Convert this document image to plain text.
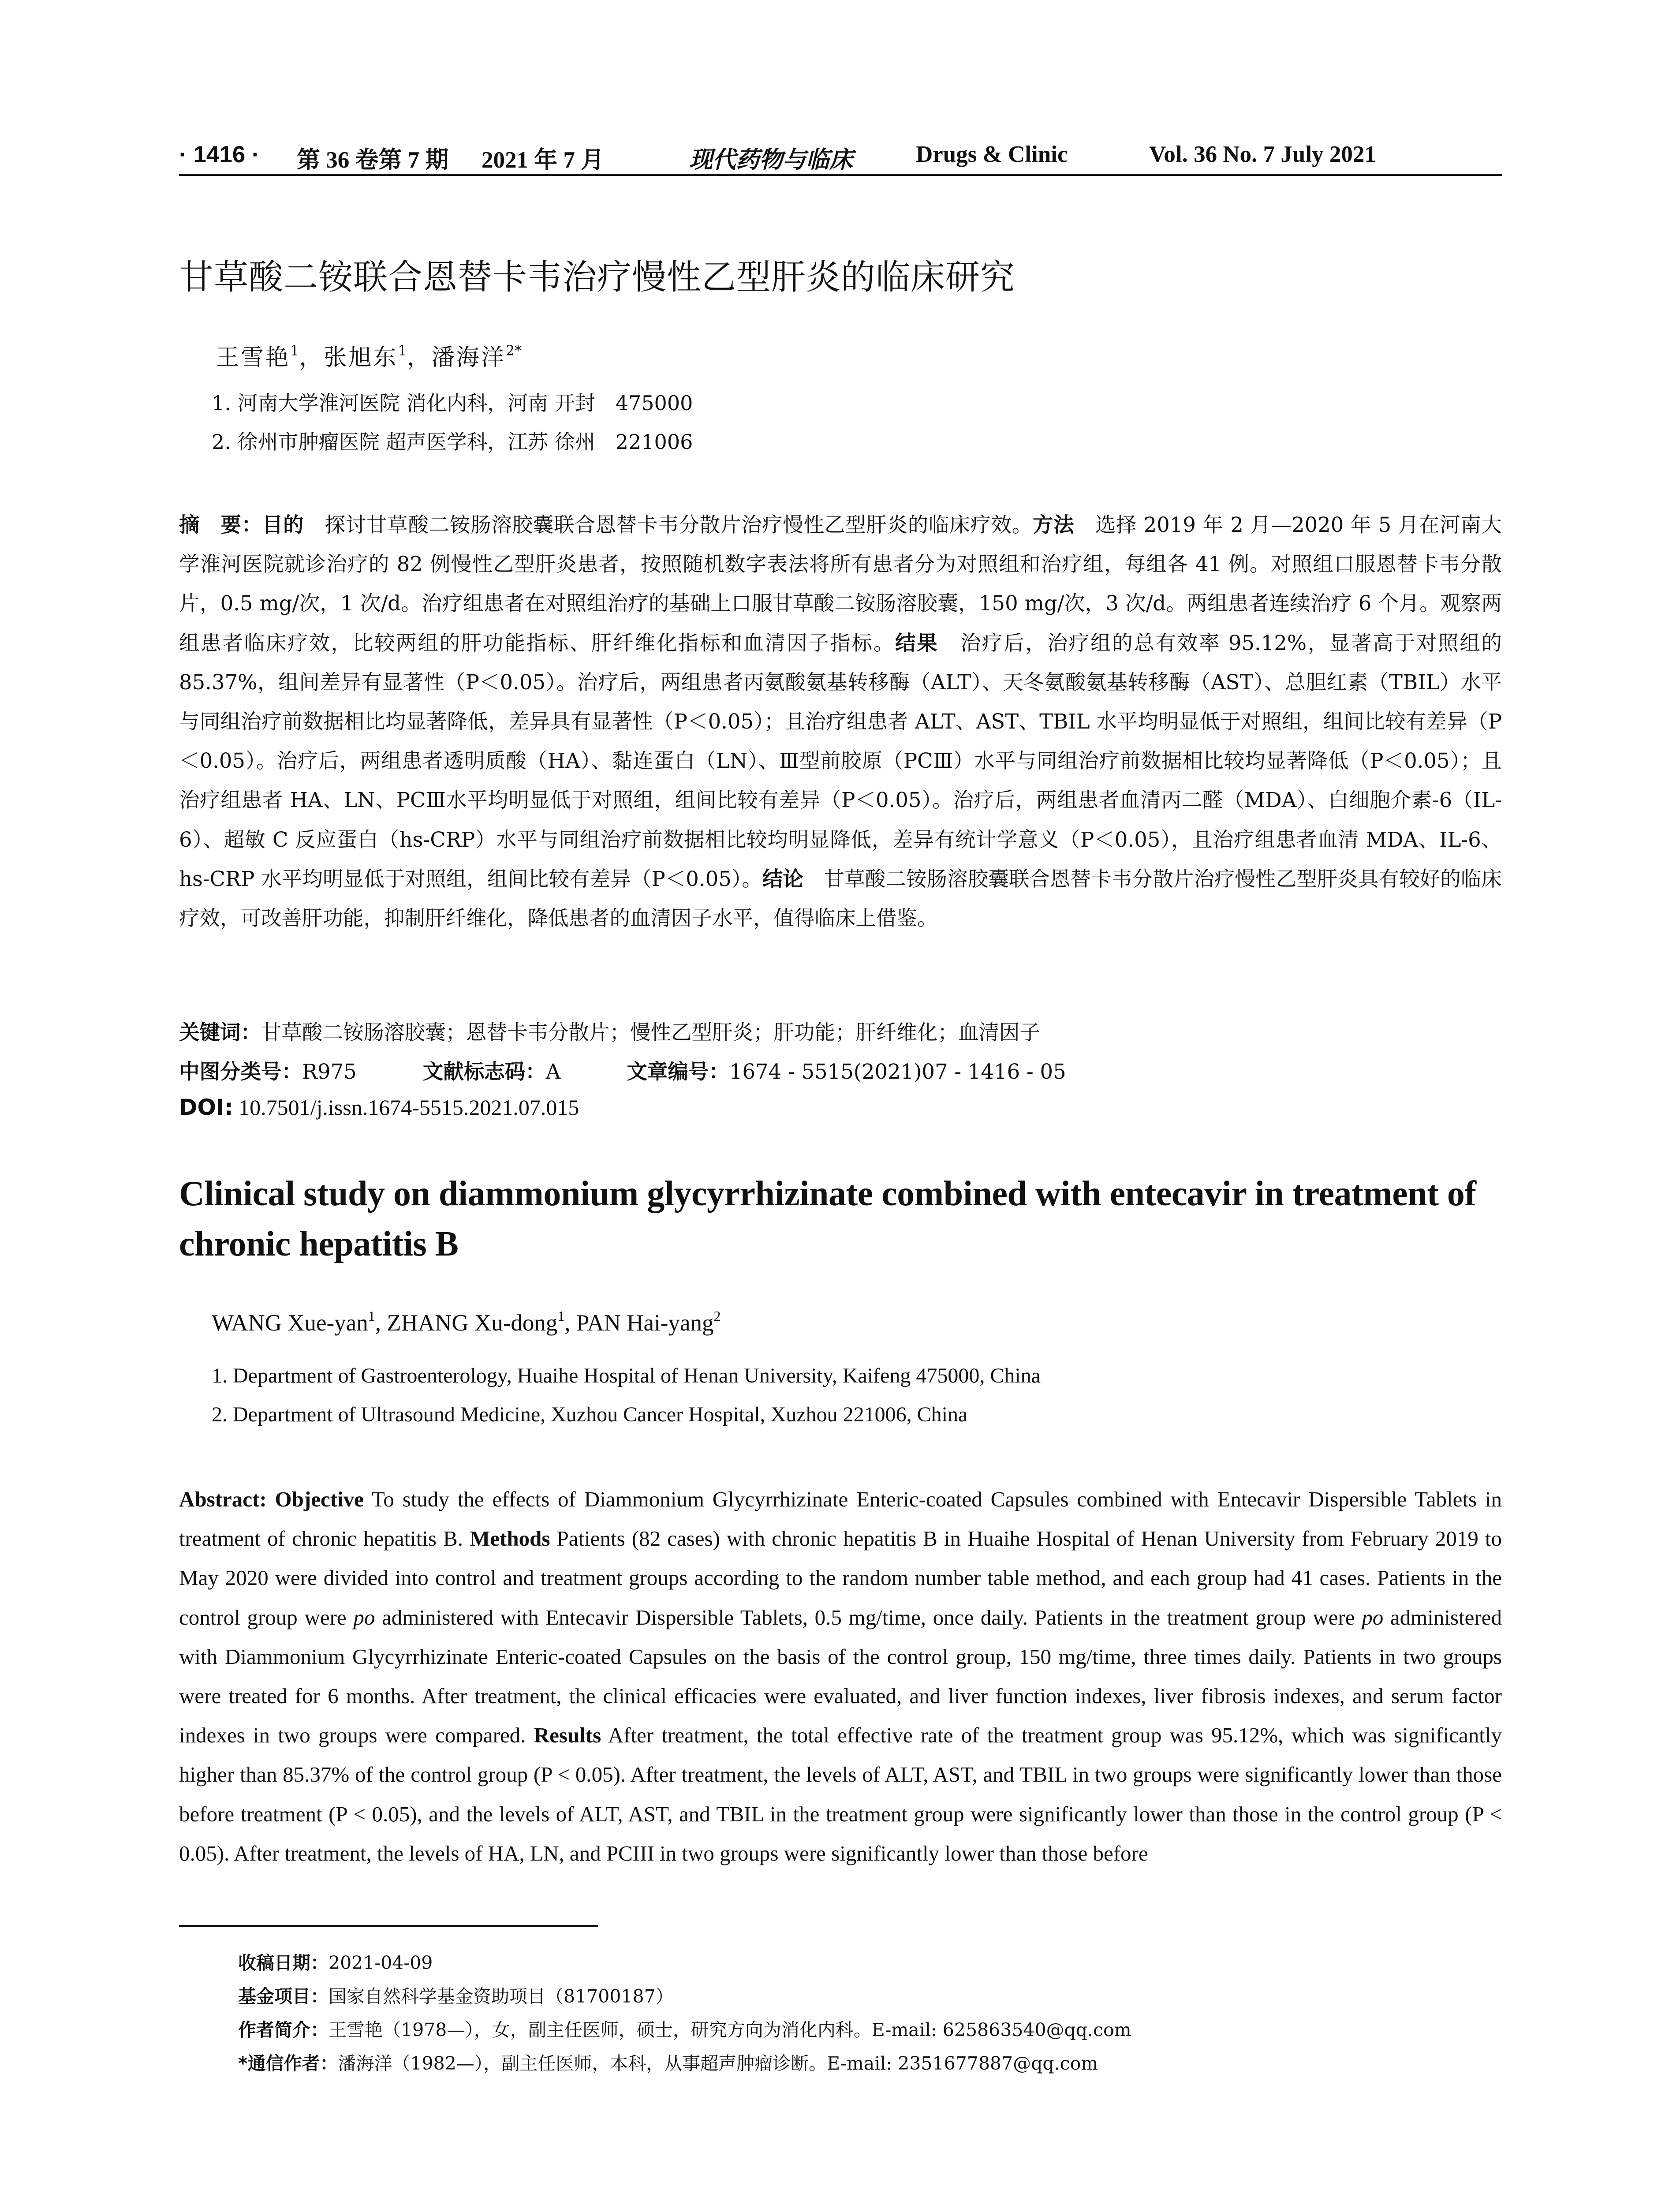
· 1416 · 第 36 卷第 7 期 2021 年 7 月	现代药物与临床	Drugs & Clinic	Vol. 36 No. 7 July 2021
甘草酸二铵联合恩替卡韦治疗慢性乙型肝炎的临床研究
王雪艳$^1$，张旭东$^1$，潘海洋$^{2*}$
1. 河南大学淮河医院 消化内科，河南 开封　475000
2. 徐州市肿瘤医院 超声医学科，江苏 徐州　221006

摘　要：目的　探讨甘草酸二铵肠溶胶囊联合恩替卡韦分散片治疗慢性乙型肝炎的临床疗效。方法　选择 2019 年 2 月—2020 年 5 月在河南大学淮河医院就诊治疗的 82 例慢性乙型肝炎患者，按照随机数字表法将所有患者分为对照组和治疗组，每组各 41 例。对照组口服恩替卡韦分散片，0.5 mg/次，1 次/d。治疗组患者在对照组治疗的基础上口服甘草酸二铵肠溶胶囊，150 mg/次，3 次/d。两组患者连续治疗 6 个月。观察两组患者临床疗效，比较两组的肝功能指标、肝纤维化指标和血清因子指标。结果　治疗后，治疗组的总有效率 95.12%，显著高于对照组的 85.37%，组间差异有显著性（P＜0.05）。治疗后，两组患者丙氨酸氨基转移酶（ALT）、天冬氨酸氨基转移酶（AST）、总胆红素（TBIL）水平与同组治疗前数据相比均显著降低，差异具有显著性（P＜0.05）；且治疗组患者 ALT、AST、TBIL 水平均明显低于对照组，组间比较有差异（P＜0.05）。治疗后，两组患者透明质酸（HA）、黏连蛋白（LN）、Ⅲ型前胶原（PCⅢ）水平与同组治疗前数据相比较均显著降低（P＜0.05）；且治疗组患者 HA、LN、PCⅢ水平均明显低于对照组，组间比较有差异（P＜0.05）。治疗后，两组患者血清丙二醛（MDA）、白细胞介素-6（IL-6）、超敏 C 反应蛋白（hs-CRP）水平与同组治疗前数据相比较均明显降低，差异有统计学意义（P＜0.05），且治疗组患者血清 MDA、IL-6、hs-CRP 水平均明显低于对照组，组间比较有差异（P＜0.05）。结论　甘草酸二铵肠溶胶囊联合恩替卡韦分散片治疗慢性乙型肝炎具有较好的临床疗效，可改善肝功能，抑制肝纤维化，降低患者的血清因子水平，值得临床上借鉴。

关键词：甘草酸二铵肠溶胶囊；恩替卡韦分散片；慢性乙型肝炎；肝功能；肝纤维化；血清因子
中图分类号：R975	文献标志码：A	文章编号：1674 - 5515(2021)07 - 1416 - 05
DOI: 10.7501/j.issn.1674-5515.2021.07.015
Clinical study on diammonium glycyrrhizinate combined with entecavir in treatment of chronic hepatitis B
WANG Xue-yan$^1$, ZHANG Xu-dong$^1$, PAN Hai-yang$^2$
1. Department of Gastroenterology, Huaihe Hospital of Henan University, Kaifeng 475000, China
2. Department of Ultrasound Medicine, Xuzhou Cancer Hospital, Xuzhou 221006, China

Abstract: Objective To study the effects of Diammonium Glycyrrhizinate Enteric-coated Capsules combined with Entecavir Dispersible Tablets in treatment of chronic hepatitis B. Methods Patients (82 cases) with chronic hepatitis B in Huaihe Hospital of Henan University from February 2019 to May 2020 were divided into control and treatment groups according to the random number table method, and each group had 41 cases. Patients in the control group were po administered with Entecavir Dispersible Tablets, 0.5 mg/time, once daily. Patients in the treatment group were po administered with Diammonium Glycyrrhizinate Enteric-coated Capsules on the basis of the control group, 150 mg/time, three times daily. Patients in two groups were treated for 6 months. After treatment, the clinical efficacies were evaluated, and liver function indexes, liver fibrosis indexes, and serum factor indexes in two groups were compared. Results After treatment, the total effective rate of the treatment group was 95.12%, which was significantly higher than 85.37% of the control group (P < 0.05). After treatment, the levels of ALT, AST, and TBIL in two groups were significantly lower than those before treatment (P < 0.05), and the levels of ALT, AST, and TBIL in the treatment group were significantly lower than those in the control group (P < 0.05). After treatment, the levels of HA, LN, and PCIII in two groups were significantly lower than those before

收稿日期：2021-04-09
基金项目：国家自然科学基金资助项目（81700187）
作者简介：王雪艳（1978—），女，副主任医师，硕士，研究方向为消化内科。E-mail: 625863540@qq.com
*通信作者：潘海洋（1982—），副主任医师，本科，从事超声肿瘤诊断。E-mail: 2351677887@qq.com
